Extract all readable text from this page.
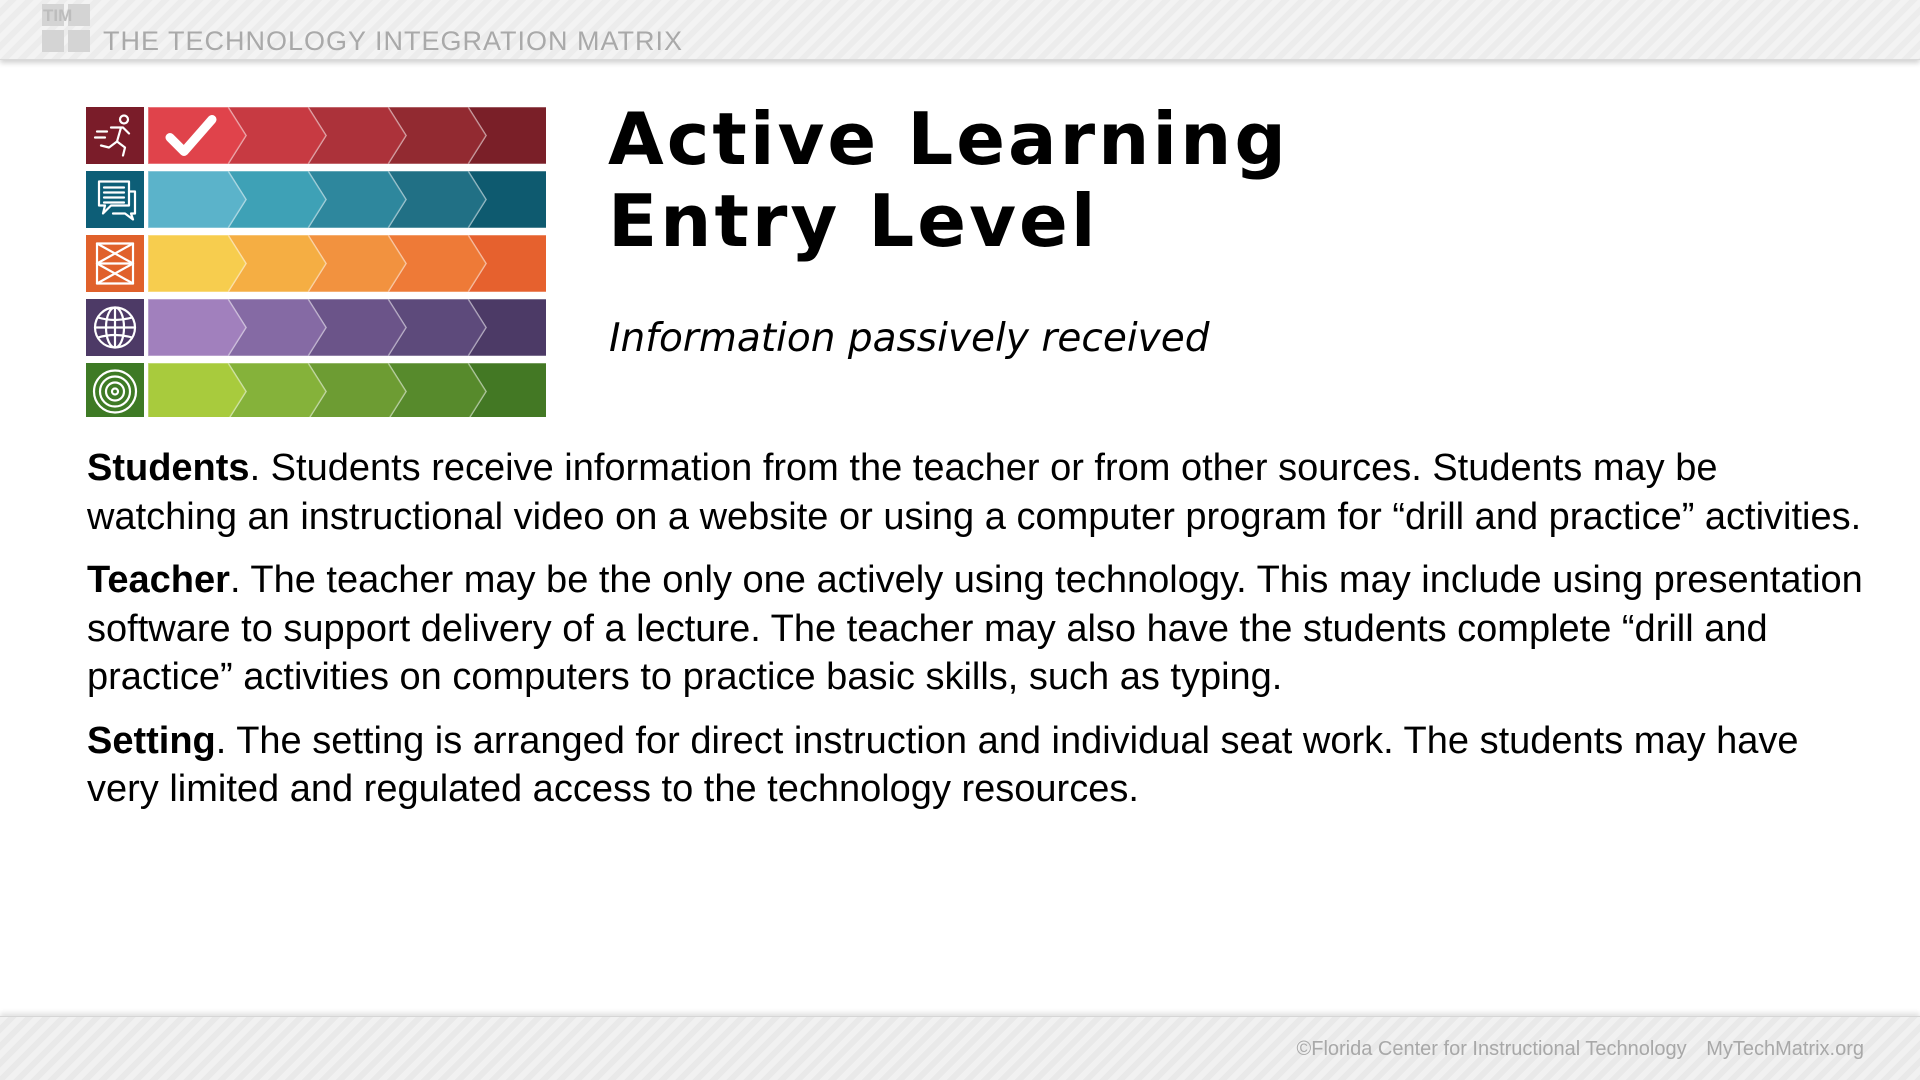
TIM
THE TECHNOLOGY INTEGRATION MATRIX
Active Learning
Entry Level
Information passively received

Students. Students receive information from the teacher or from other sources. Students may be watching an instructional video on a website or using a computer program for “drill and practice” activities.

Teacher. The teacher may be the only one actively using technology. This may include using presentation software to support delivery of a lecture. The teacher may also have the students complete “drill and practice” activities on computers to practice basic skills, such as typing.

Setting. The setting is arranged for direct instruction and individual seat work. The students may have very limited and regulated access to the technology resources.

©Florida Center for Instructional Technology MyTechMatrix.org
